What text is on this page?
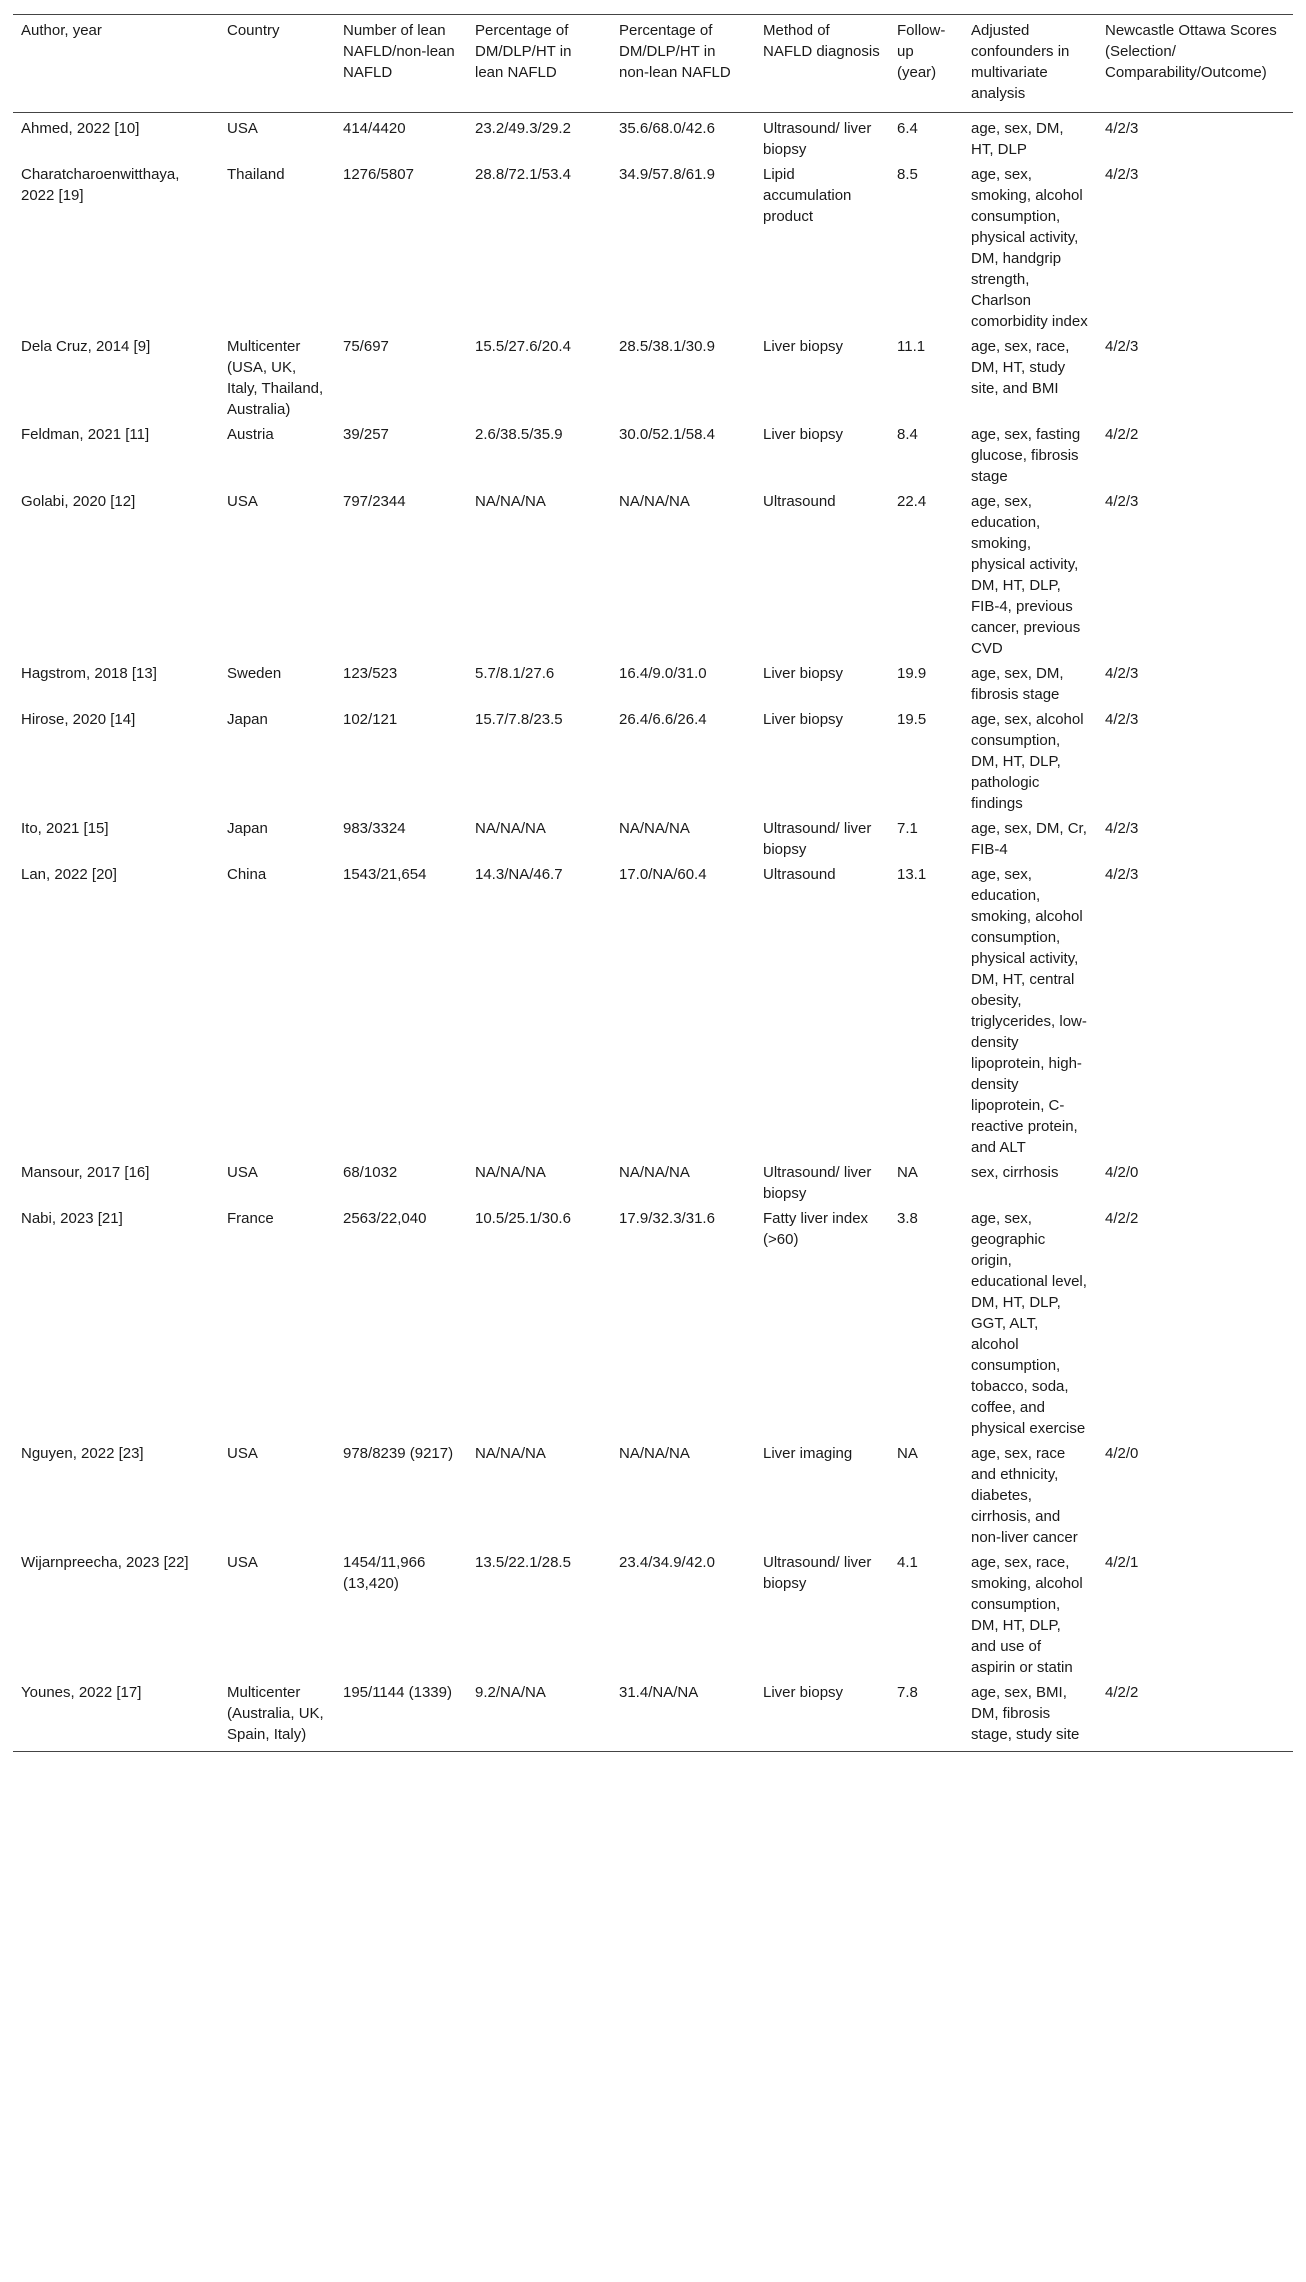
Author, year	Country	Number of lean NAFLD/non-lean NAFLD	Percentage of DM/DLP/HT in lean NAFLD	Percentage of DM/DLP/HT in non-lean NAFLD	Method of NAFLD diagnosis	Follow-up (year)	Adjusted confounders in multivariate analysis	Newcastle Ottawa Scores (Selection/ Comparability/Outcome)
Ahmed, 2022 [10]	USA	414/4420	23.2/49.3/29.2	35.6/68.0/42.6	Ultrasound/ liver biopsy	6.4	age, sex, DM, HT, DLP	4/2/3
Charatcharoenwitthaya, 2022 [19]	Thailand	1276/5807	28.8/72.1/53.4	34.9/57.8/61.9	Lipid accumulation product	8.5	age, sex, smoking, alcohol consumption, physical activity, DM, handgrip strength, Charlson comorbidity index	4/2/3
Dela Cruz, 2014 [9]	Multicenter (USA, UK, Italy, Thailand, Australia)	75/697	15.5/27.6/20.4	28.5/38.1/30.9	Liver biopsy	11.1	age, sex, race, DM, HT, study site, and BMI	4/2/3
Feldman, 2021 [11]	Austria	39/257	2.6/38.5/35.9	30.0/52.1/58.4	Liver biopsy	8.4	age, sex, fasting glucose, fibrosis stage	4/2/2
Golabi, 2020 [12]	USA	797/2344	NA/NA/NA	NA/NA/NA	Ultrasound	22.4	age, sex, education, smoking, physical activity, DM, HT, DLP, FIB-4, previous cancer, previous CVD	4/2/3
Hagstrom, 2018 [13]	Sweden	123/523	5.7/8.1/27.6	16.4/9.0/31.0	Liver biopsy	19.9	age, sex, DM, fibrosis stage	4/2/3
Hirose, 2020 [14]	Japan	102/121	15.7/7.8/23.5	26.4/6.6/26.4	Liver biopsy	19.5	age, sex, alcohol consumption, DM, HT, DLP, pathologic findings	4/2/3
Ito, 2021 [15]	Japan	983/3324	NA/NA/NA	NA/NA/NA	Ultrasound/ liver biopsy	7.1	age, sex, DM, Cr, FIB-4	4/2/3
Lan, 2022 [20]	China	1543/21,654	14.3/NA/46.7	17.0/NA/60.4	Ultrasound	13.1	age, sex, education, smoking, alcohol consumption, physical activity, DM, HT, central obesity, triglycerides, low-density lipoprotein, high-density lipoprotein, C-reactive protein, and ALT	4/2/3
Mansour, 2017 [16]	USA	68/1032	NA/NA/NA	NA/NA/NA	Ultrasound/ liver biopsy	NA	sex, cirrhosis	4/2/0
Nabi, 2023 [21]	France	2563/22,040	10.5/25.1/30.6	17.9/32.3/31.6	Fatty liver index (>60)	3.8	age, sex, geographic origin, educational level, DM, HT, DLP, GGT, ALT, alcohol consumption, tobacco, soda, coffee, and physical exercise	4/2/2
Nguyen, 2022 [23]	USA	978/8239 (9217)	NA/NA/NA	NA/NA/NA	Liver imaging	NA	age, sex, race and ethnicity, diabetes, cirrhosis, and non-liver cancer	4/2/0
Wijarnpreecha, 2023 [22]	USA	1454/11,966 (13,420)	13.5/22.1/28.5	23.4/34.9/42.0	Ultrasound/ liver biopsy	4.1	age, sex, race, smoking, alcohol consumption, DM, HT, DLP, and use of aspirin or statin	4/2/1
Younes, 2022 [17]	Multicenter (Australia, UK, Spain, Italy)	195/1144 (1339)	9.2/NA/NA	31.4/NA/NA	Liver biopsy	7.8	age, sex, BMI, DM, fibrosis stage, study site	4/2/2
